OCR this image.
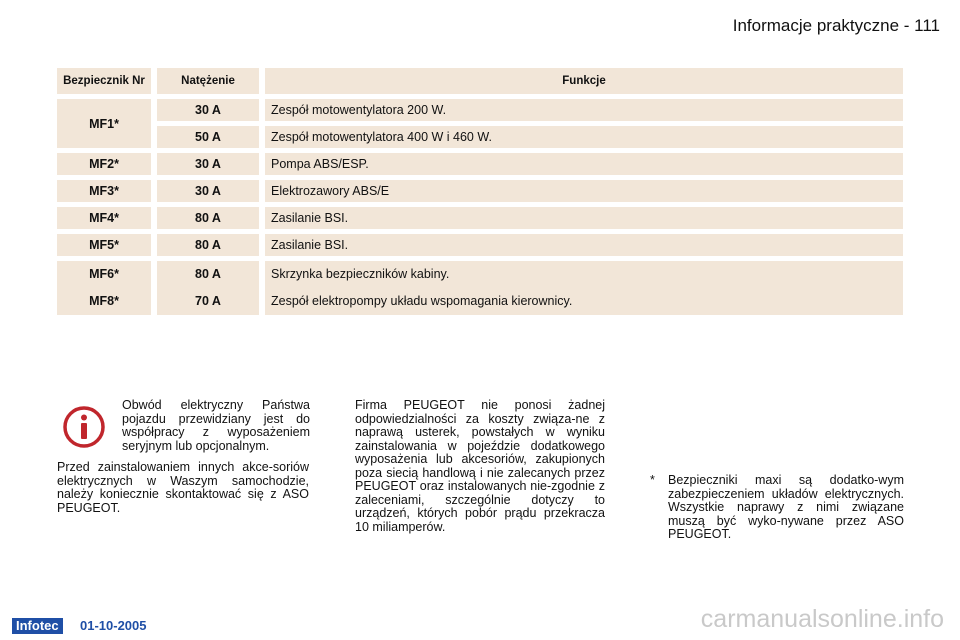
Informacje praktyczne - 111
Bezpiecznik Nr	Natężenie	Funkcje

MF1*	30 A	Zespół motowentylatora 200 W.

	50 A	Zespół motowentylatora 400 W i 460 W.

MF2*	30 A	Pompa ABS/ESP.

MF3*	30 A	Elektrozawory ABS/E

MF4*	80 A	Zasilanie BSI.

MF5*	80 A	Zasilanie BSI.

MF6*	80 A	Skrzynka bezpieczników kabiny.
MF8*	70 A	Zespół elektropompy układu wspomagania kierownicy.
Obwód elektryczny Państwa pojazdu przewidziany jest do współpracy z wyposażeniem seryjnym lub opcjonalnym.
Przed zainstalowaniem innych akce-soriów elektrycznych w Waszym samochodzie, należy koniecznie skontaktować się z ASO PEUGEOT.
Firma PEUGEOT nie ponosi żadnej odpowiedzialności za koszty związa-ne z naprawą usterek, powstałych w wyniku zainstalowania w pojeździe dodatkowego wyposażenia lub akcesoriów, zakupionych poza siecią handlową i nie zalecanych przez PEUGEOT oraz instalowanych nie-zgodnie z zaleceniami, szczególnie dotyczy to urządzeń, których pobór prądu przekracza 10 miliamperów.
* Bezpieczniki maxi są dodatko-wym zabezpieczeniem układów elektrycznych. Wszystkie naprawy z nimi związane muszą być wyko-nywane przez ASO PEUGEOT.
Infotec	01-10-2005	carmanualsonline.info
